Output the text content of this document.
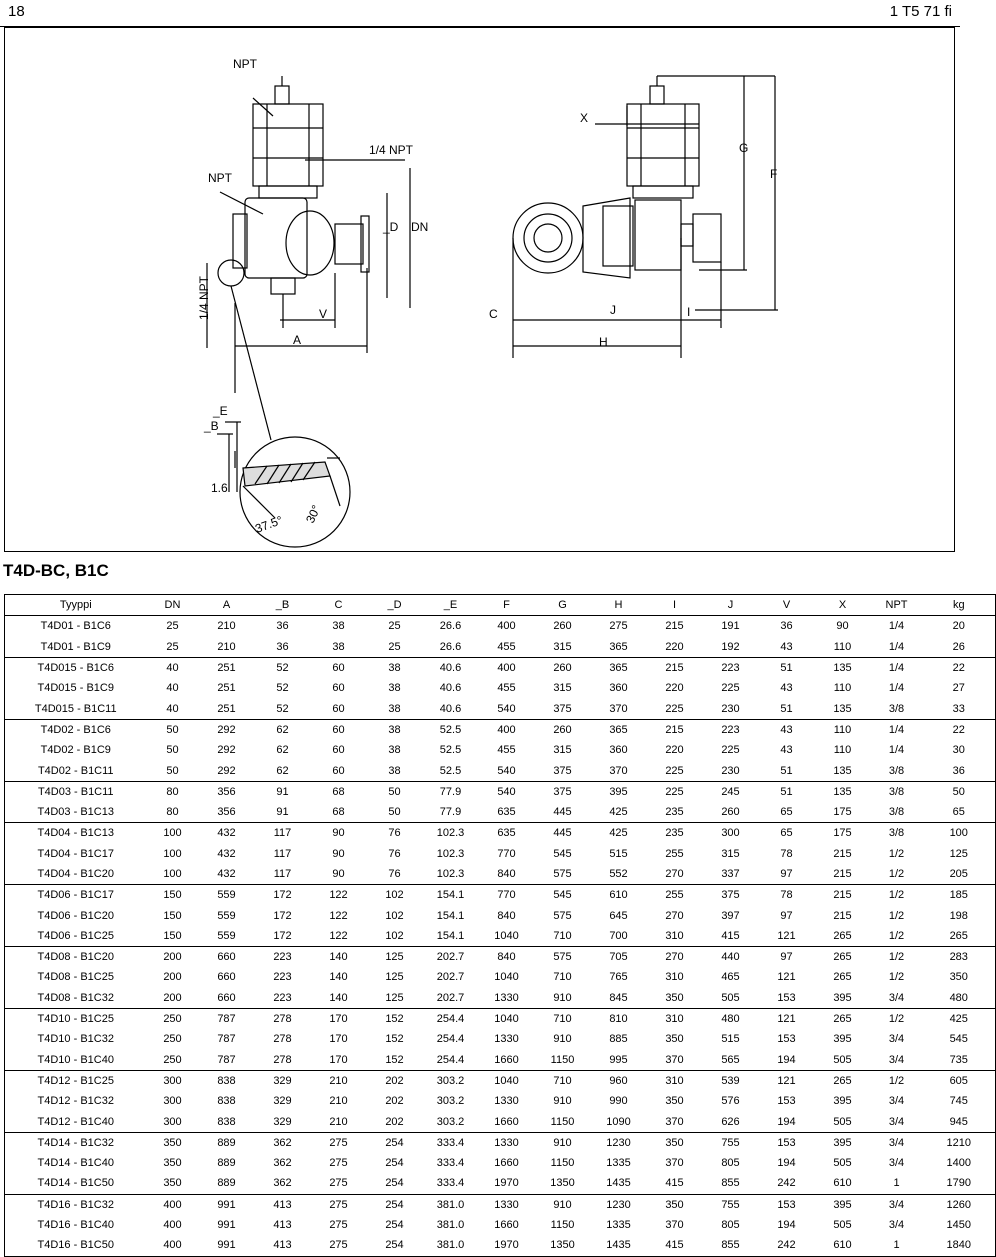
18	1 T5 71 fi
NPT
1/4 NPT
NPT
_D DN
1/4 NPT	V
A
X
G
F
C	J	I
H
_E
_B
1.6
37.5° 30°
T4D-BC, B1C
Tyyppi	DN	A	_B	C	_D	_E	F	G	H	I	J	V	X	NPT	kg
T4D01 - B1C6	25	210	36	38	25	26.6	400	260	275	215	191	36	90	1/4	20
T4D01 - B1C9	25	210	36	38	25	26.6	455	315	365	220	192	43	110	1/4	26
T4D015 - B1C6	40	251	52	60	38	40.6	400	260	365	215	223	51	135	1/4	22
T4D015 - B1C9	40	251	52	60	38	40.6	455	315	360	220	225	43	110	1/4	27
T4D015 - B1C11	40	251	52	60	38	40.6	540	375	370	225	230	51	135	3/8	33
T4D02 - B1C6	50	292	62	60	38	52.5	400	260	365	215	223	43	110	1/4	22
T4D02 - B1C9	50	292	62	60	38	52.5	455	315	360	220	225	43	110	1/4	30
T4D02 - B1C11	50	292	62	60	38	52.5	540	375	370	225	230	51	135	3/8	36
T4D03 - B1C11	80	356	91	68	50	77.9	540	375	395	225	245	51	135	3/8	50
T4D03 - B1C13	80	356	91	68	50	77.9	635	445	425	235	260	65	175	3/8	65
T4D04 - B1C13	100	432	117	90	76	102.3	635	445	425	235	300	65	175	3/8	100
T4D04 - B1C17	100	432	117	90	76	102.3	770	545	515	255	315	78	215	1/2	125
T4D04 - B1C20	100	432	117	90	76	102.3	840	575	552	270	337	97	215	1/2	205
T4D06 - B1C17	150	559	172	122	102	154.1	770	545	610	255	375	78	215	1/2	185
T4D06 - B1C20	150	559	172	122	102	154.1	840	575	645	270	397	97	215	1/2	198
T4D06 - B1C25	150	559	172	122	102	154.1	1040	710	700	310	415	121	265	1/2	265
T4D08 - B1C20	200	660	223	140	125	202.7	840	575	705	270	440	97	265	1/2	283
T4D08 - B1C25	200	660	223	140	125	202.7	1040	710	765	310	465	121	265	1/2	350
T4D08 - B1C32	200	660	223	140	125	202.7	1330	910	845	350	505	153	395	3/4	480
T4D10 - B1C25	250	787	278	170	152	254.4	1040	710	810	310	480	121	265	1/2	425
T4D10 - B1C32	250	787	278	170	152	254.4	1330	910	885	350	515	153	395	3/4	545
T4D10 - B1C40	250	787	278	170	152	254.4	1660	1150	995	370	565	194	505	3/4	735
T4D12 - B1C25	300	838	329	210	202	303.2	1040	710	960	310	539	121	265	1/2	605
T4D12 - B1C32	300	838	329	210	202	303.2	1330	910	990	350	576	153	395	3/4	745
T4D12 - B1C40	300	838	329	210	202	303.2	1660	1150	1090	370	626	194	505	3/4	945
T4D14 - B1C32	350	889	362	275	254	333.4	1330	910	1230	350	755	153	395	3/4	1210
T4D14 - B1C40	350	889	362	275	254	333.4	1660	1150	1335	370	805	194	505	3/4	1400
T4D14 - B1C50	350	889	362	275	254	333.4	1970	1350	1435	415	855	242	610	1	1790
T4D16 - B1C32	400	991	413	275	254	381.0	1330	910	1230	350	755	153	395	3/4	1260
T4D16 - B1C40	400	991	413	275	254	381.0	1660	1150	1335	370	805	194	505	3/4	1450
T4D16 - B1C50	400	991	413	275	254	381.0	1970	1350	1435	415	855	242	610	1	1840
